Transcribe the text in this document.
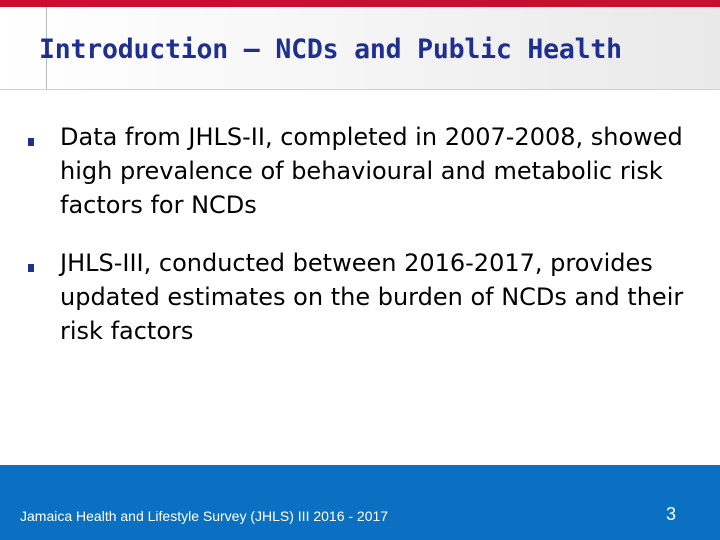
Introduction – NCDs and Public Health
Data from JHLS-II, completed in 2007-2008, showed high prevalence of behavioural and metabolic risk factors for NCDs
JHLS-III, conducted between 2016-2017, provides updated estimates on the burden of NCDs and their risk factors
Jamaica Health and Lifestyle Survey (JHLS) III 2016 - 2017	3
